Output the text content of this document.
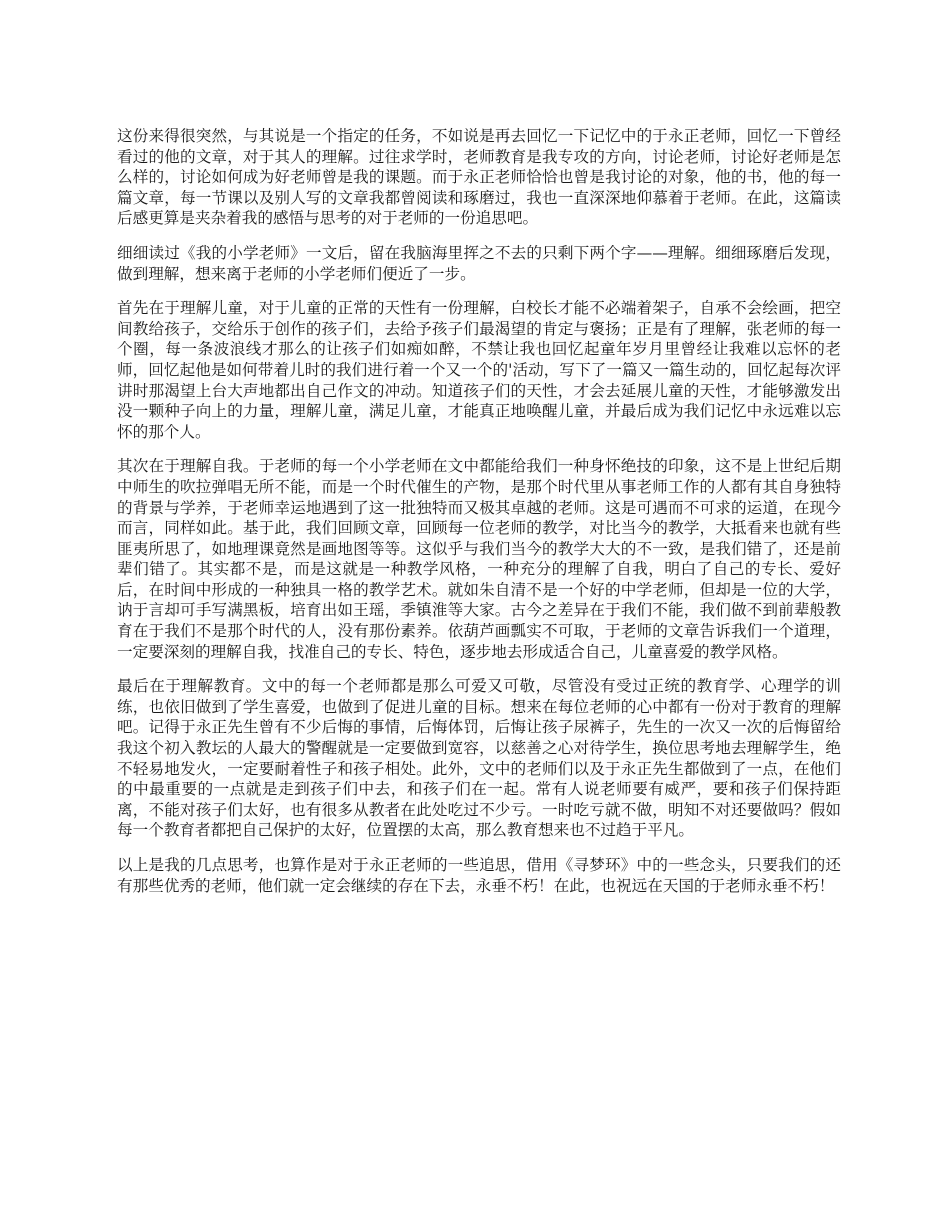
这份来得很突然，与其说是一个指定的任务，不如说是再去回忆一下记忆中的于永正老师，回忆一下曾经看过的他的文章，对于其人的理解。过往求学时，老师教育是我专攻的方向，讨论老师，讨论好老师是怎么样的，讨论如何成为好老师曾是我的课题。而于永正老师恰恰也曾是我讨论的对象，他的书，他的每一篇文章，每一节课以及别人写的文章我都曾阅读和琢磨过，我也一直深深地仰慕着于老师。在此，这篇读后感更算是夹杂着我的感悟与思考的对于老师的一份追思吧。

细细读过《我的小学老师》一文后，留在我脑海里挥之不去的只剩下两个字——理解。细细琢磨后发现，做到理解，想来离于老师的小学老师们便近了一步。

首先在于理解儿童，对于儿童的正常的天性有一份理解，白校长才能不必端着架子，自承不会绘画，把空间教给孩子，交给乐于创作的孩子们，去给予孩子们最渴望的肯定与褒扬；正是有了理解，张老师的每一个圈，每一条波浪线才那么的让孩子们如痴如醉，不禁让我也回忆起童年岁月里曾经让我难以忘怀的老师，回忆起他是如何带着儿时的我们进行着一个又一个的'活动，写下了一篇又一篇生动的，回忆起每次评讲时那渴望上台大声地都出自己作文的冲动。知道孩子们的天性，才会去延展儿童的天性，才能够激发出没一颗种子向上的力量，理解儿童，满足儿童，才能真正地唤醒儿童，并最后成为我们记忆中永远难以忘怀的那个人。

其次在于理解自我。于老师的每一个小学老师在文中都能给我们一种身怀绝技的印象，这不是上世纪后期中师生的吹拉弹唱无所不能，而是一个时代催生的产物，是那个时代里从事老师工作的人都有其自身独特的背景与学养，于老师幸运地遇到了这一批独特而又极其卓越的老师。这是可遇而不可求的运道，在现今而言，同样如此。基于此，我们回顾文章，回顾每一位老师的教学，对比当今的教学，大抵看来也就有些匪夷所思了，如地理课竟然是画地图等等。这似乎与我们当今的教学大大的不一致，是我们错了，还是前辈们错了。其实都不是，而是这就是一种教学风格，一种充分的理解了自我，明白了自己的专长、爱好后，在时间中形成的一种独具一格的教学艺术。就如朱自清不是一个好的中学老师，但却是一位的大学，讷于言却可手写满黑板，培育出如王瑶，季镇淮等大家。古今之差异在于我们不能，我们做不到前辈般教育在于我们不是那个时代的人，没有那份素养。依葫芦画瓢实不可取，于老师的文章告诉我们一个道理，一定要深刻的理解自我，找准自己的专长、特色，逐步地去形成适合自己，儿童喜爱的教学风格。

最后在于理解教育。文中的每一个老师都是那么可爱又可敬，尽管没有受过正统的教育学、心理学的训练，也依旧做到了学生喜爱，也做到了促进儿童的目标。想来在每位老师的心中都有一份对于教育的理解吧。记得于永正先生曾有不少后悔的事情，后悔体罚，后悔让孩子尿裤子，先生的一次又一次的后悔留给我这个初入教坛的人最大的警醒就是一定要做到宽容，以慈善之心对待学生，换位思考地去理解学生，绝不轻易地发火，一定要耐着性子和孩子相处。此外，文中的老师们以及于永正先生都做到了一点，在他们的中最重要的一点就是走到孩子们中去，和孩子们在一起。常有人说老师要有威严，要和孩子们保持距离，不能对孩子们太好，也有很多从教者在此处吃过不少亏。一时吃亏就不做，明知不对还要做吗？假如每一个教育者都把自己保护的太好，位置摆的太高，那么教育想来也不过趋于平凡。

以上是我的几点思考，也算作是对于永正老师的一些追思，借用《寻梦环》中的一些念头，只要我们的还有那些优秀的老师，他们就一定会继续的存在下去，永垂不朽！在此，也祝远在天国的于老师永垂不朽！
